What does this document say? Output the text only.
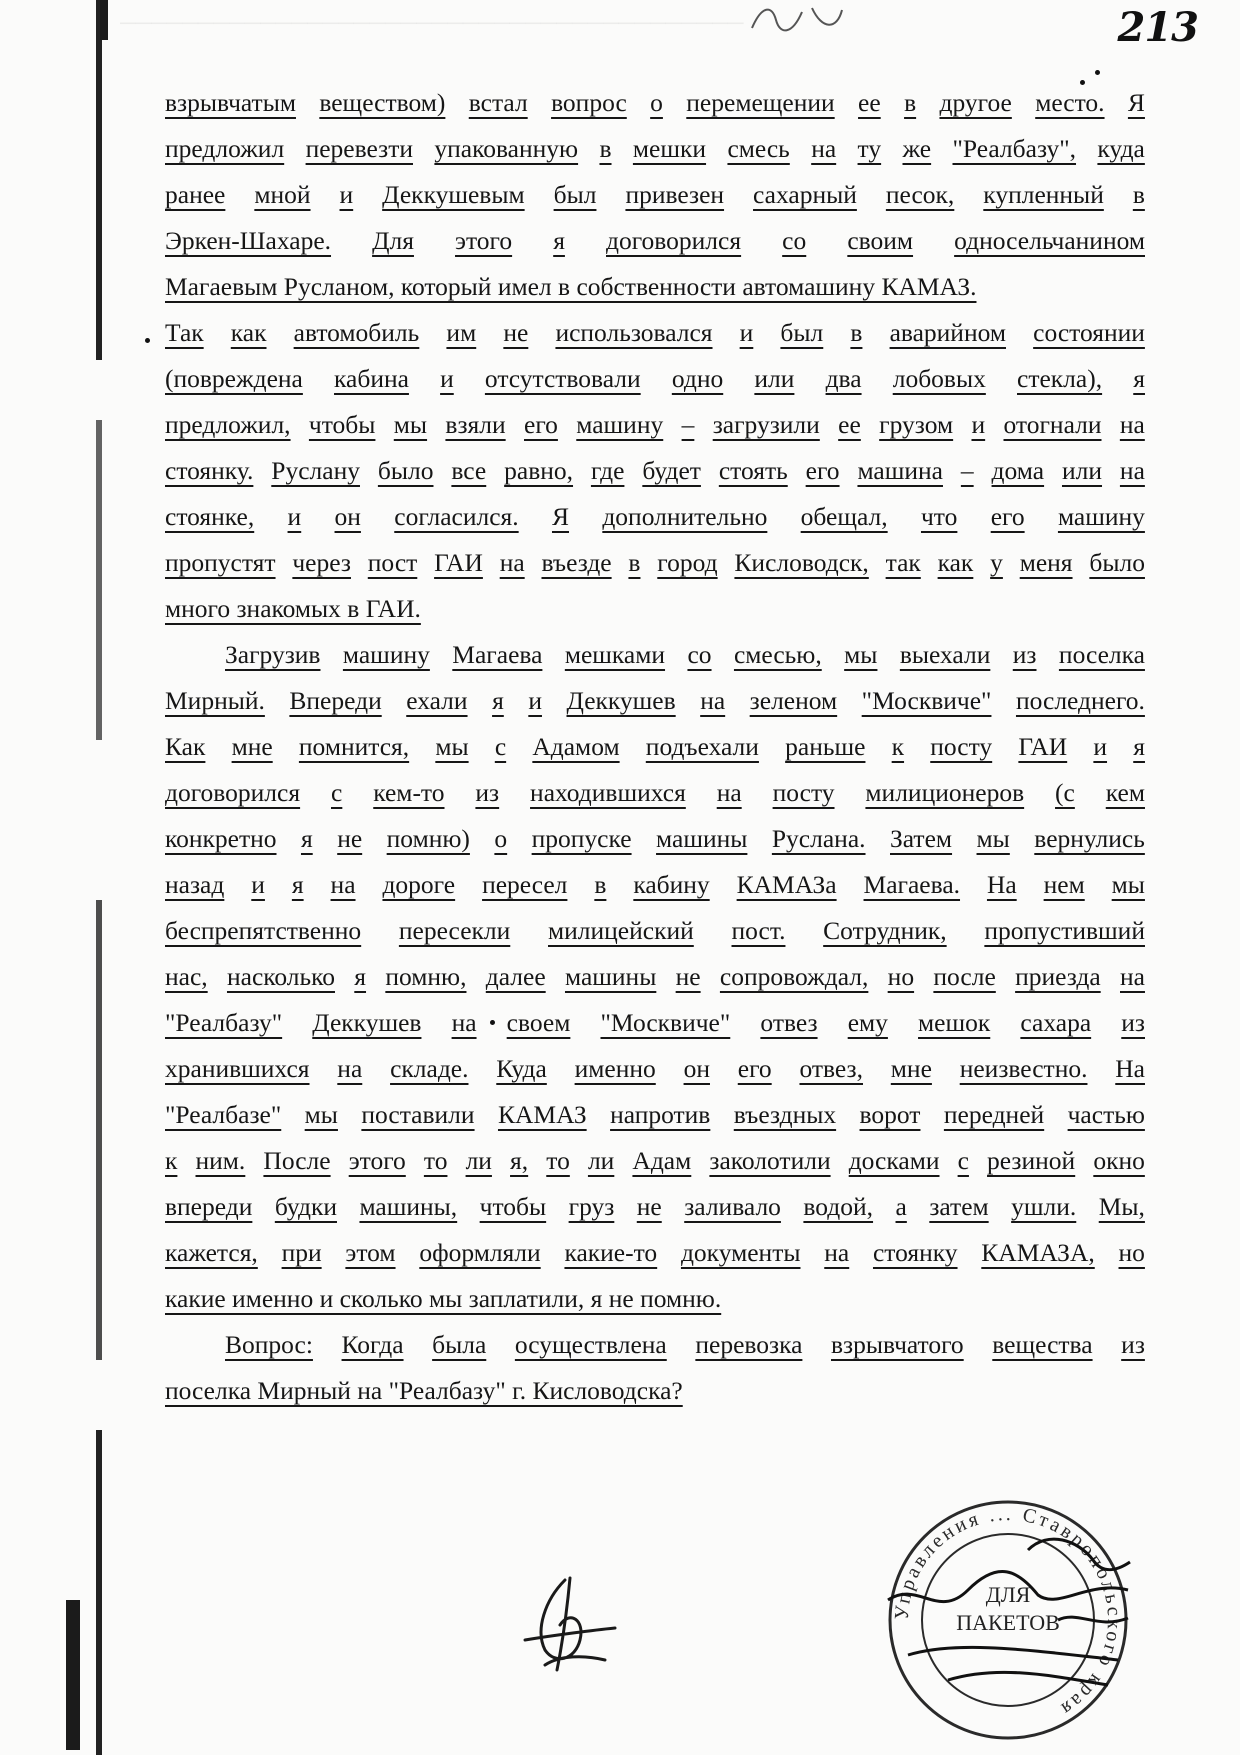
────────────────────────────────────────	213
взрывчатым веществом) встал вопрос о перемещении ее в другое место. Я
предложил перевезти упакованную в мешки смесь на ту же "Реалбазу", куда
ранее мной и Деккушевым был привезен сахарный песок, купленный в
Эркен-Шахаре. Для этого я договорился со своим односельчанином
Магаевым Русланом, который имел в собственности автомашину КАМАЗ.
Так как автомобиль им не использовался и был в аварийном состоянии
(повреждена кабина и отсутствовали одно или два лобовых стекла), я
предложил, чтобы мы взяли его машину – загрузили ее грузом и отогнали на
стоянку. Руслану было все равно, где будет стоять его машина – дома или на
стоянке, и он согласился. Я дополнительно обещал, что его машину
пропустят через пост ГАИ на въезде в город Кисловодск, так как у меня было
много знакомых в ГАИ.
Загрузив машину Магаева мешками со смесью, мы выехали из поселка
Мирный. Впереди ехали я и Деккушев на зеленом "Москвиче" последнего.
Как мне помнится, мы с Адамом подъехали раньше к посту ГАИ и я
договорился с кем-то из находившихся на посту милиционеров (с кем
конкретно я не помню) о пропуске машины Руслана. Затем мы вернулись
назад и я на дороге пересел в кабину КАМАЗа Магаева. На нем мы
беспрепятственно пересекли милицейский пост. Сотрудник, пропустивший
нас, насколько я помню, далее машины не сопровождал, но после приезда на
"Реалбазу" Деккушев на своем "Москвиче" отвез ему мешок сахара из
хранившихся на складе. Куда именно он его отвез, мне неизвестно. На
"Реалбазе" мы поставили КАМАЗ напротив въездных ворот передней частью
к ним. После этого то ли я, то ли Адам заколотили досками с резиной окно
впереди будки машины, чтобы груз не заливало водой, а затем ушли. Мы,
кажется, при этом оформляли какие-то документы на стоянку КАМАЗА, но
какие именно и сколько мы заплатили, я не помню.
Вопрос: Когда была осуществлена перевозка взрывчатого вещества из
поселка Мирный на "Реалбазу" г. Кисловодска?
Управления ... Ставропольского края
ДЛЯ
ПАКЕТОВ
